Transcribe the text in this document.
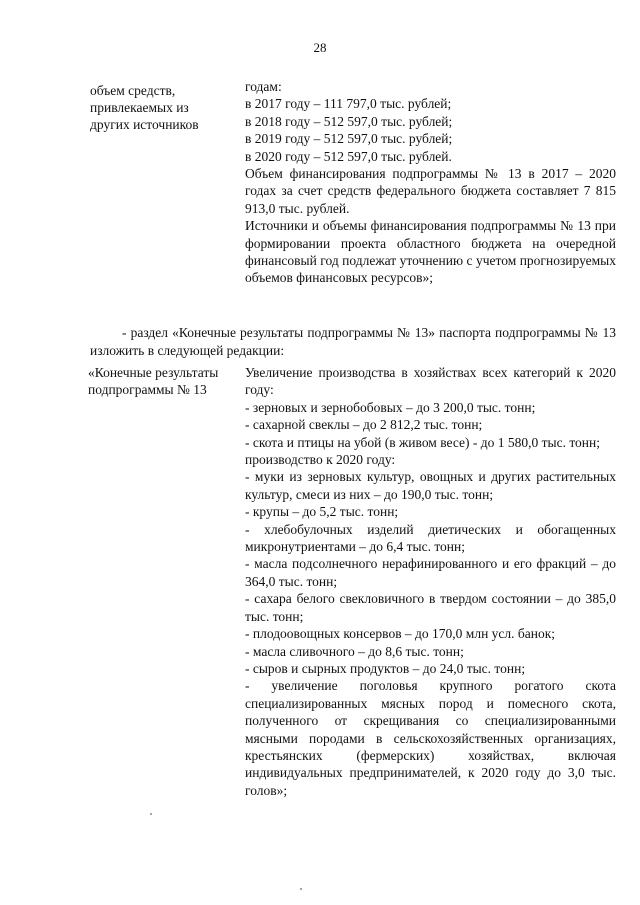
28
объем средств,
привлекаемых из
других источников
годам:
в 2017 году – 111 797,0 тыс. рублей;
в 2018 году – 512 597,0 тыс. рублей;
в 2019 году – 512 597,0 тыс. рублей;
в 2020 году – 512 597,0 тыс. рублей.

Объем финансирования подпрограммы № 13 в 2017 – 2020 годах за счет средств федерального бюджета составляет 7 815 913,0 тыс. рублей.

Источники и объемы финансирования подпрограммы № 13 при формировании проекта областного бюджета на очередной финансовый год подлежат уточнению с учетом прогнозируемых объемов финансовых ресурсов»;

- раздел «Конечные результаты подпрограммы № 13» паспорта подпрограммы № 13 изложить в следующей редакции:
«Конечные результаты
подпрограммы № 13

Увеличение производства в хозяйствах всех категорий к 2020 году:

- зерновых и зернобобовых – до 3 200,0 тыс. тонн;

- сахарной свеклы – до 2 812,2 тыс. тонн;

- скота и птицы на убой (в живом весе) - до 1 580,0 тыс. тонн;

производство к 2020 году:

- муки из зерновых культур, овощных и других растительных культур, смеси из них – до 190,0 тыс. тонн;

- крупы – до 5,2 тыс. тонн;

- хлебобулочных изделий диетических и обогащенных микронутриентами – до 6,4 тыс. тонн;

- масла подсолнечного нерафинированного и его фракций – до 364,0 тыс. тонн;

- сахара белого свекловичного в твердом состоянии – до 385,0 тыс. тонн;

- плодоовощных консервов – до 170,0 млн усл. банок;

- масла сливочного – до 8,6 тыс. тонн;

- сыров и сырных продуктов – до 24,0 тыс. тонн;

- увеличение поголовья крупного рогатого скота специализированных мясных пород и помесного скота, полученного от скрещивания со специализированными мясными породами в сельскохозяйственных организациях, крестьянских (фермерских) хозяйствах, включая индивидуальных предпринимателей, к 2020 году до 3,0 тыс. голов»;
